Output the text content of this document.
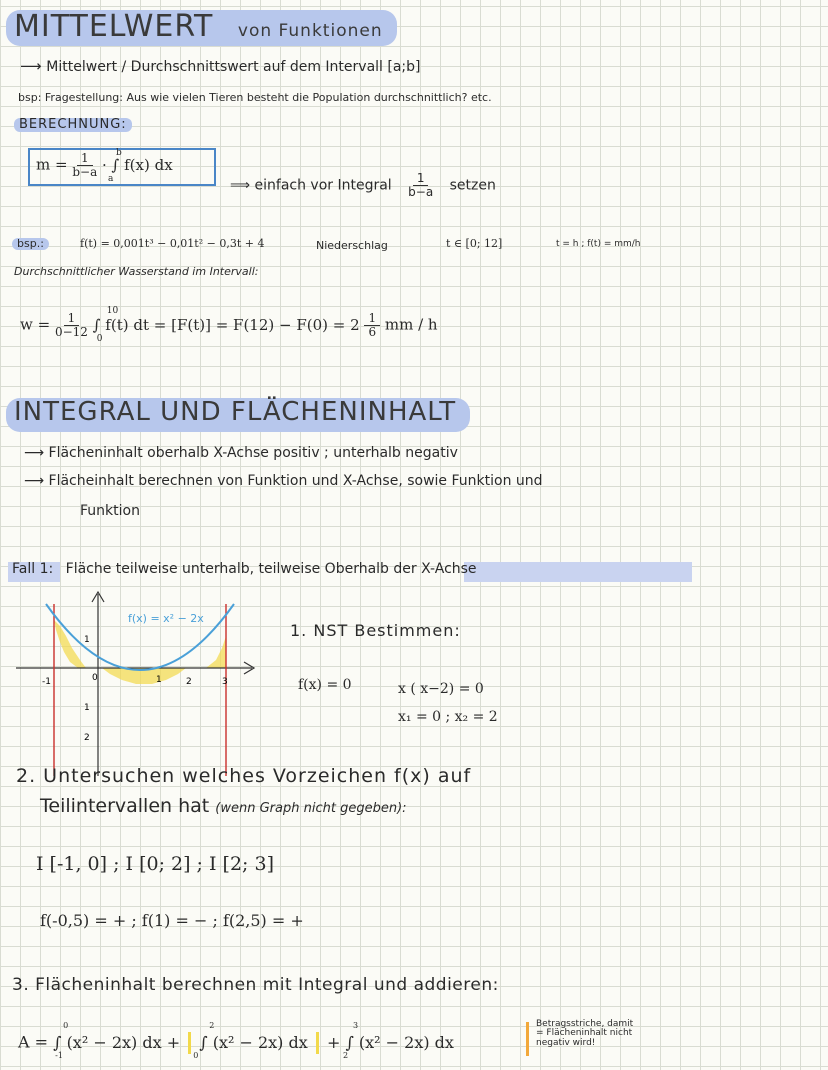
MITTELWERT von Funktionen
⟶ Mittelwert / Durchschnittswert auf dem Intervall [a;b]
bsp: Fragestellung: Aus wie vielen Tieren besteht die Population durchschnittlich? etc.
BERECHNUNG:
$m = \frac{1}{b-a}$ · ∫ f(x) dx
b
a	⟹ einfach vor Integral $\frac{1}{b-a}$ setzen
bsp.:	f(t) = 0,001t³ − 0,01t² − 0,3t + 4	Niederschlag	t ∈ [0; 12]	t = h ; f(t) = mm/h
Durchschnittlicher Wasserstand im Intervall:
$w = \frac{1}{0-12}$ ∫ f(t) dt = [F(t)] = F(12) − F(0) = 2
10
0
	$\frac{1}{6}$ mm / h
INTEGRAL UND FLÄCHENINHALT
⟶ Flächeninhalt oberhalb X-Achse positiv ; unterhalb negativ
⟶ Flächeinhalt berechnen von Funktion und X-Achse, sowie Funktion und
Funktion
Fall 1: Fläche teilweise unterhalb, teilweise Oberhalb der X-Achse
f(x) = x² − 2x
-1	0	1	2	3
1
1
2
1. NST Bestimmen:
f(x) = 0	x ( x−2) = 0
x₁ = 0 ; x₂ = 2
2. Untersuchen welches Vorzeichen f(x) auf
Teilintervallen hat (wenn Graph nicht gegeben):
I [-1, 0] ; I [0; 2] ; I [2; 3]
f(-0,5) = + ; f(1) = − ; f(2,5) = +
3. Flächeninhalt berechnen mit Integral und addieren:
A = ∫ (x² − 2x) dx +
0
-1
∫ (x² − 2x) dx
2
0
+ ∫ (x² − 2x) dx
3
2
Betragsstriche, damit
= Flächeninhalt nicht
negativ wird!
